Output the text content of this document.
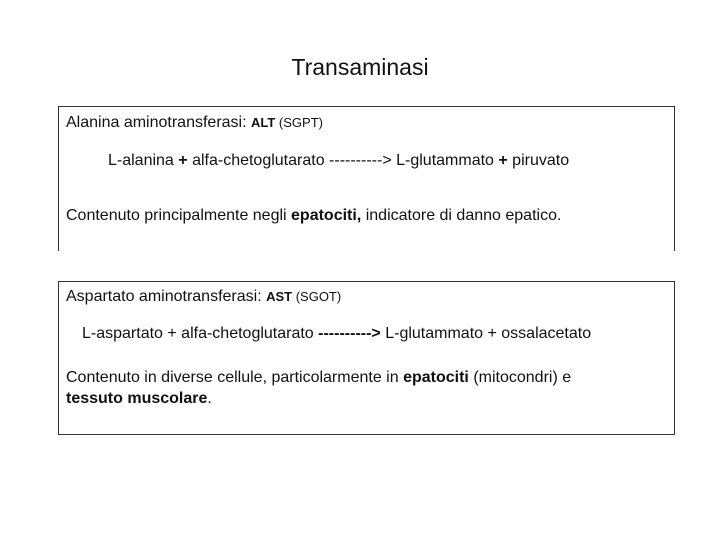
Transaminasi
Alanina aminotransferasi: ALT (SGPT)
L-alanina + alfa-chetoglutarato ----------> L-glutammato + piruvato
Contenuto principalmente negli epatociti, indicatore di danno epatico.
Aspartato aminotransferasi: AST (SGOT)
L-aspartato + alfa-chetoglutarato ----------> L-glutammato + ossalacetato
Contenuto in diverse cellule, particolarmente in epatociti (mitocondri) e
tessuto muscolare.
